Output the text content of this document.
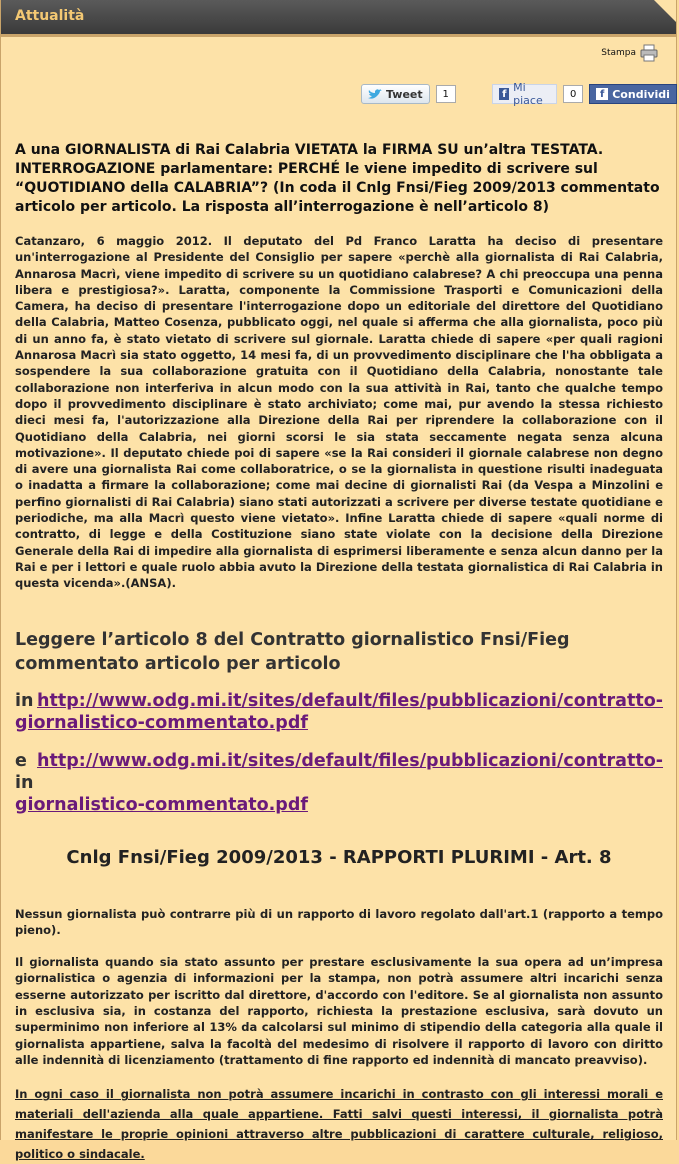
Attualità
Stampa
Tweet	1	f Mi piace	0	f Condividi
A una GIORNALISTA di Rai Calabria VIETATA la FIRMA SU un’altra TESTATA. INTERROGAZIONE parlamentare: PERCHÉ le viene impedito di scrivere sul “QUOTIDIANO della CALABRIA”? (In coda il Cnlg Fnsi/Fieg 2009/2013 commentato articolo per articolo. La risposta all’interrogazione è nell’articolo 8)

Catanzaro, 6 maggio 2012. Il deputato del Pd Franco Laratta ha deciso di presentare un'interrogazione al Presidente del Consiglio per sapere «perchè alla giornalista di Rai Calabria, Annarosa Macrì, viene impedito di scrivere su un quotidiano calabrese? A chi preoccupa una penna libera e prestigiosa?». Laratta, componente la Commissione Trasporti e Comunicazioni della Camera, ha deciso di presentare l'interrogazione dopo un editoriale del direttore del Quotidiano della Calabria, Matteo Cosenza, pubblicato oggi, nel quale si afferma che alla giornalista, poco più di un anno fa, è stato vietato di scrivere sul giornale. Laratta chiede di sapere «per quali ragioni Annarosa Macrì sia stato oggetto, 14 mesi fa, di un provvedimento disciplinare che l'ha obbligata a sospendere la sua collaborazione gratuita con il Quotidiano della Calabria, nonostante tale collaborazione non interferiva in alcun modo con la sua attività in Rai, tanto che qualche tempo dopo il provvedimento disciplinare è stato archiviato; come mai, pur avendo la stessa richiesto dieci mesi fa, l'autorizzazione alla Direzione della Rai per riprendere la collaborazione con il Quotidiano della Calabria, nei giorni scorsi le sia stata seccamente negata senza alcuna motivazione». Il deputato chiede poi di sapere «se la Rai consideri il giornale calabrese non degno di avere una giornalista Rai come collaboratrice, o se la giornalista in questione risulti inadeguata o inadatta a firmare la collaborazione; come mai decine di giornalisti Rai (da Vespa a Minzolini e perfino giornalisti di Rai Calabria) siano stati autorizzati a scrivere per diverse testate quotidiane e periodiche, ma alla Macrì questo viene vietato». Infine Laratta chiede di sapere «quali norme di contratto, di legge e della Costituzione siano state violate con la decisione della Direzione Generale della Rai di impedire alla giornalista di esprimersi liberamente e senza alcun danno per la Rai e per i lettori e quale ruolo abbia avuto la Direzione della testata giornalistica di Rai Calabria in questa vicenda».(ANSA).

Leggere l’articolo 8 del Contratto giornalistico Fnsi/Fieg commentato articolo per articolo
in http://www.odg.mi.it/sites/default/files/pubblicazioni/contratto-
giornalistico-commentato.pdf
e in
http://www.odg.mi.it/sites/default/files/pubblicazioni/contratto-
giornalistico-commentato.pdf
Cnlg Fnsi/Fieg 2009/2013 - RAPPORTI PLURIMI - Art. 8

Nessun giornalista può contrarre più di un rapporto di lavoro regolato dall'art.1 (rapporto a tempo pieno).

Il giornalista quando sia stato assunto per prestare esclusivamente la sua opera ad un’impresa giornalistica o agenzia di informazioni per la stampa, non potrà assumere altri incarichi senza esserne autorizzato per iscritto dal direttore, d'accordo con l'editore. Se al giornalista non assunto in esclusiva sia, in costanza del rapporto, richiesta la prestazione esclusiva, sarà dovuto un superminimo non inferiore al 13% da calcolarsi sul minimo di stipendio della categoria alla quale il giornalista appartiene, salva la facoltà del medesimo di risolvere il rapporto di lavoro con diritto alle indennità di licenziamento (trattamento di fine rapporto ed indennità di mancato preavviso).

In ogni caso il giornalista non potrà assumere incarichi in contrasto con gli interessi morali e materiali dell'azienda alla quale appartiene. Fatti salvi questi interessi, il giornalista potrà manifestare le proprie opinioni attraverso altre pubblicazioni di carattere culturale, religioso, politico o sindacale.
